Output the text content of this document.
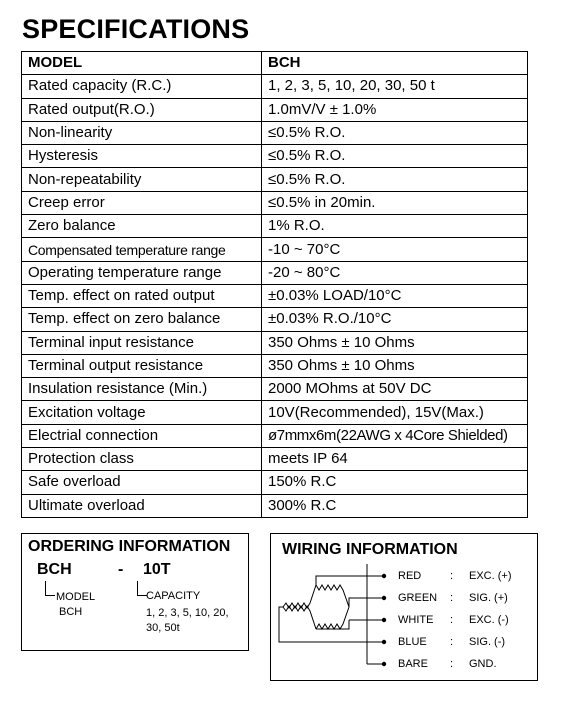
SPECIFICATIONS
MODEL	BCH
Rated capacity (R.C.)	1, 2, 3, 5, 10, 20, 30, 50 t
Rated output(R.O.)	1.0mV/V ± 1.0%
Non-linearity	≤0.5% R.O.
Hysteresis	≤0.5% R.O.
Non-repeatability	≤0.5% R.O.
Creep error	≤0.5% in 20min.
Zero balance	1% R.O.
Compensated temperature range	-10 ~ 70°C
Operating temperature range	-20 ~ 80°C
Temp. effect on rated output	±0.03% LOAD/10°C
Temp. effect on zero balance	±0.03% R.O./10°C
Terminal input resistance	350 Ohms ± 10 Ohms
Terminal output resistance	350 Ohms ± 10 Ohms
Insulation resistance (Min.)	2000 MOhms at 50V DC
Excitation voltage	10V(Recommended), 15V(Max.)
Electrial connection	ø7mmx6m(22AWG x 4Core Shielded)
Protection class	meets IP 64
Safe overload	150% R.C
Ultimate overload	300% R.C
ORDERING INFORMATION
BCH	- 10T
MODEL
BCH
CAPACITY
1, 2, 3, 5, 10, 20, 30, 50t
WIRING INFORMATION
RED	: EXC. (+)
GREEN : SIG. (+)
WHITE : EXC. (-)
BLUE : SIG. (-)
BARE : GND.
